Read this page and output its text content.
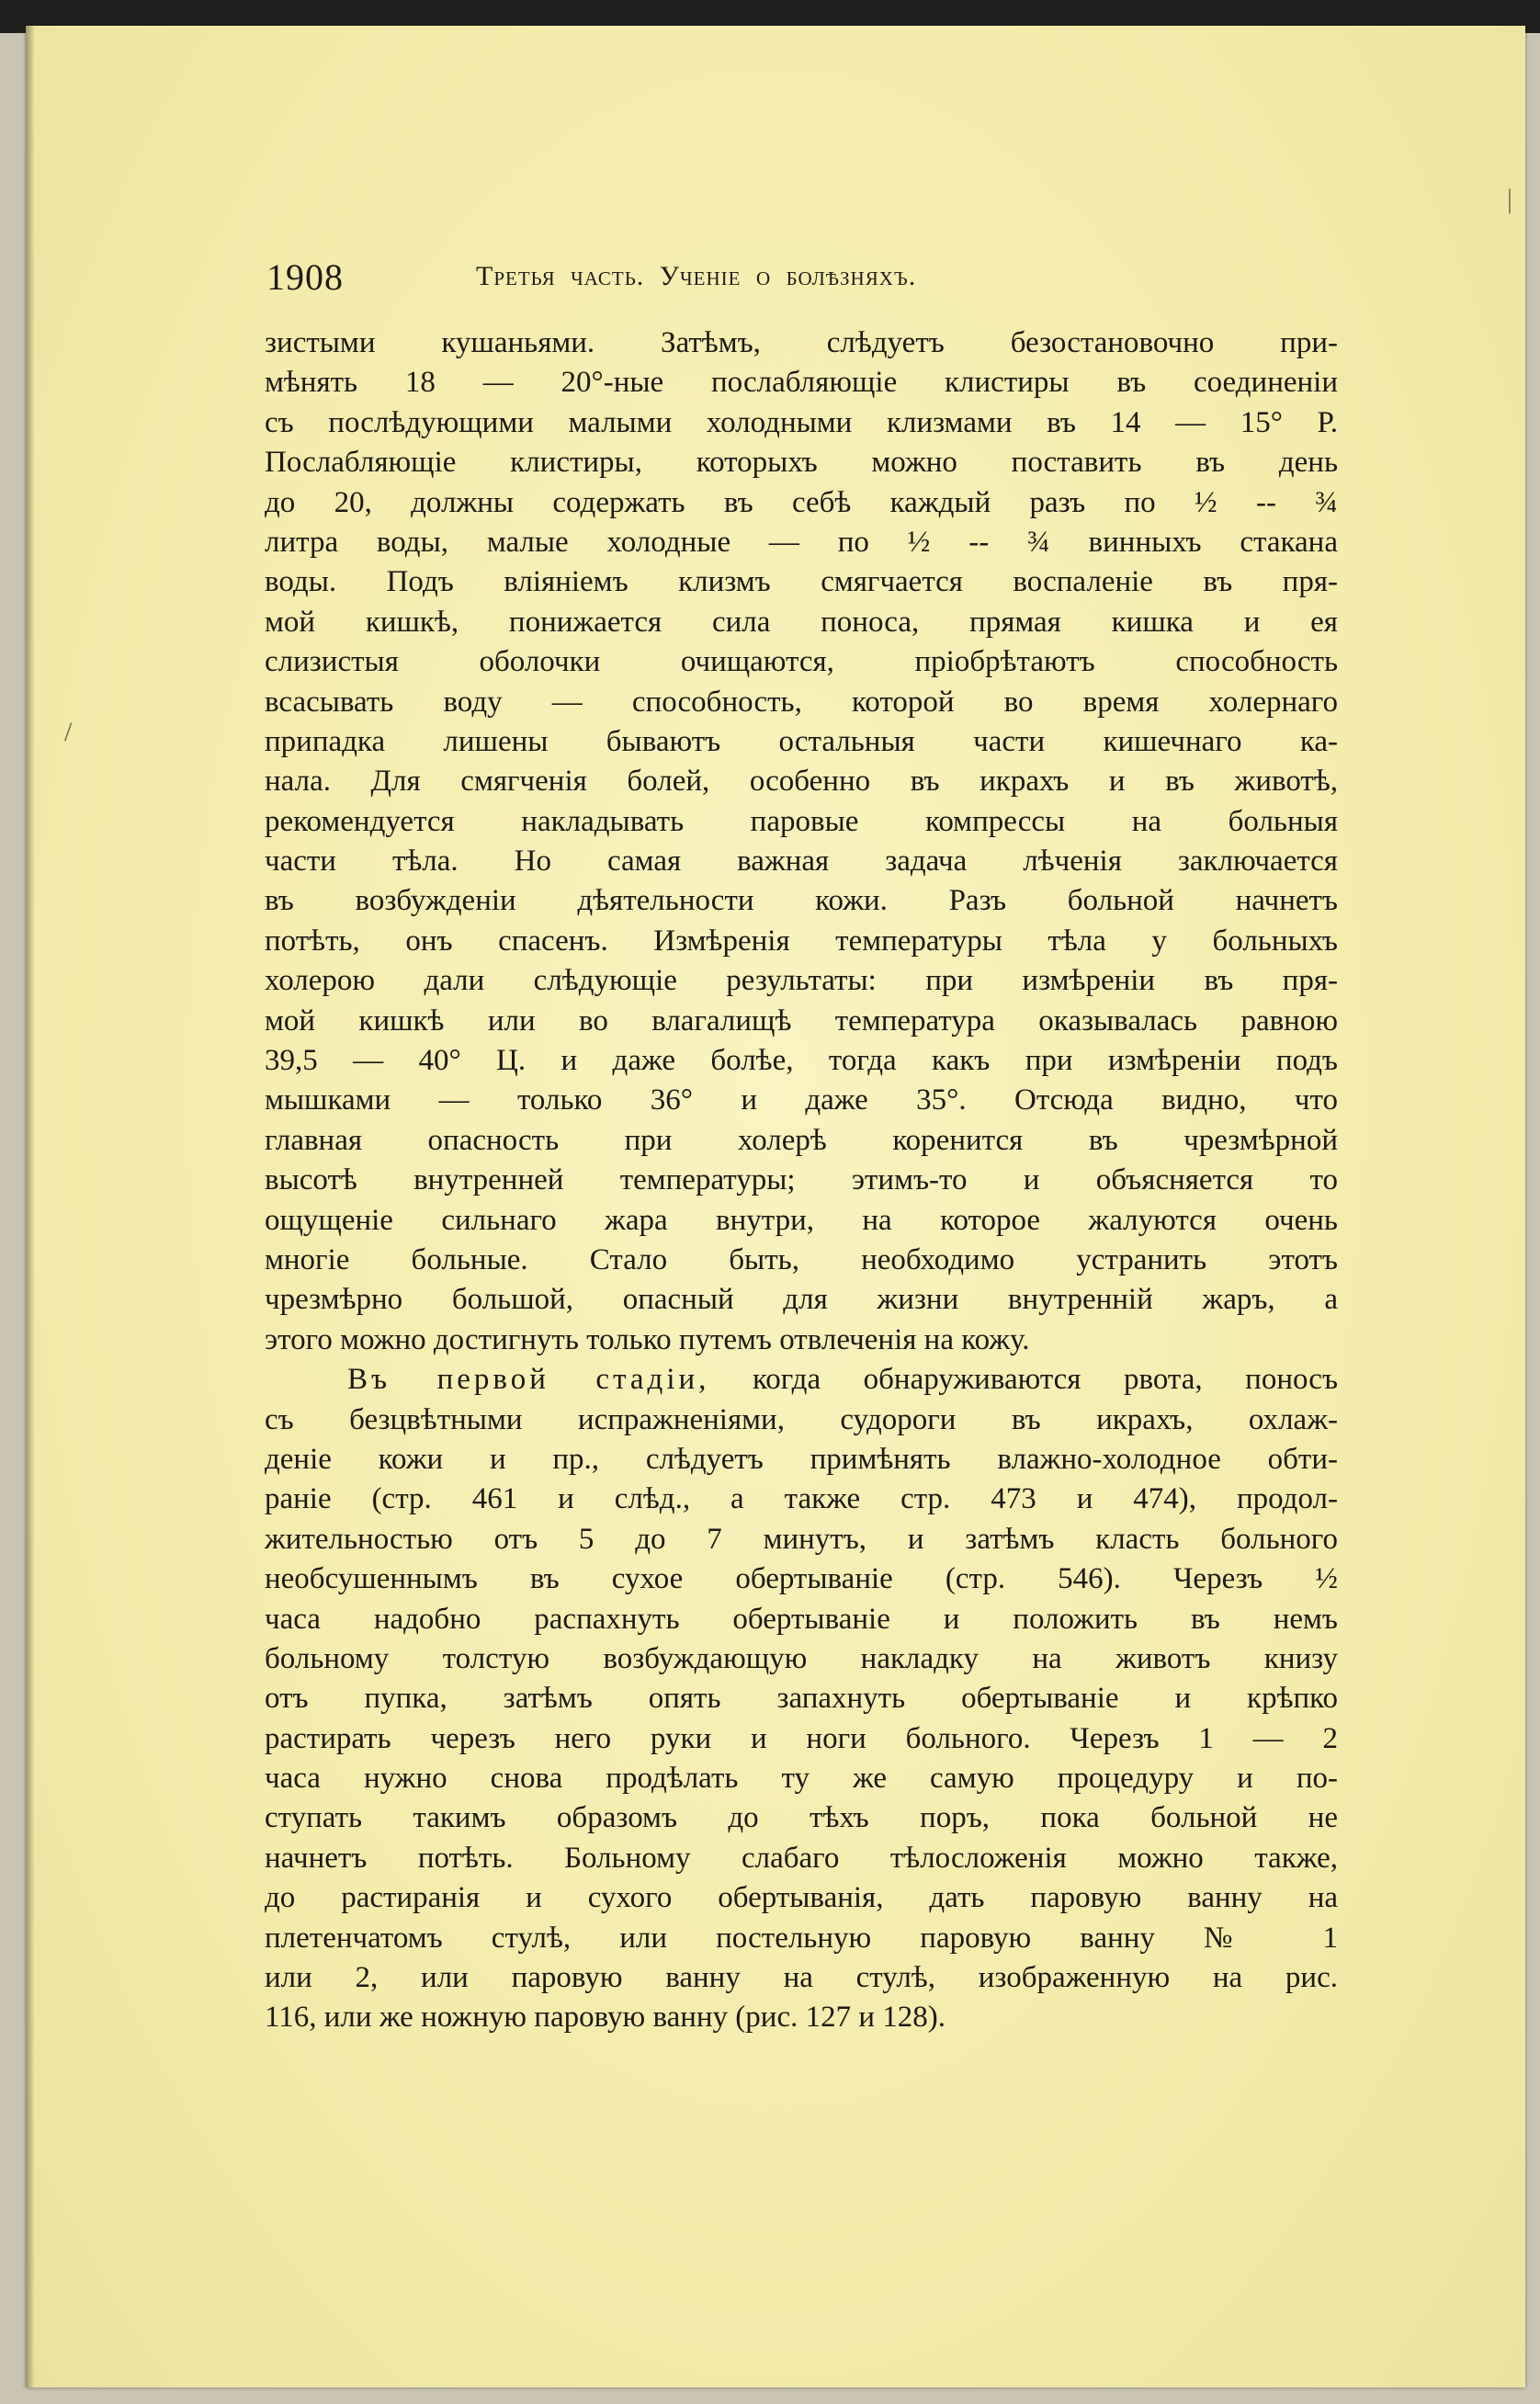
1908	Третья часть. Ученіе о болѣзняхъ.
зистыми кушаньями. Затѣмъ, слѣдуетъ безостановочно при-
мѣнять 18 — 20°-ные послабляющіе клистиры въ соединеніи
съ послѣдующими малыми холодными клизмами въ 14 — 15° Р.
Послабляющіе клистиры, которыхъ можно поставить въ день
до 20, должны содержать въ себѣ каждый разъ по ½ -- ¾
литра воды, малые холодные — по ½ -- ¾ винныхъ стакана
воды. Подъ вліяніемъ клизмъ смягчается воспаленіе въ пря-
мой кишкѣ, понижается сила поноса, прямая кишка и ея
слизистыя оболочки очищаются, пріобрѣтаютъ способность
всасывать воду — способность, которой во время холернаго
припадка лишены бываютъ остальныя части кишечнаго ка-
нала. Для смягченія болей, особенно въ икрахъ и въ животѣ,
рекомендуется накладывать паровые компрессы на больныя
части тѣла. Но самая важная задача лѣченія заключается
въ возбужденіи дѣятельности кожи. Разъ больной начнетъ
потѣть, онъ спасенъ. Измѣренія температуры тѣла у больныхъ
холерою дали слѣдующіе результаты: при измѣреніи въ пря-
мой кишкѣ или во влагалищѣ температура оказывалась равною
39,5 — 40° Ц. и даже болѣе, тогда какъ при измѣреніи подъ
мышками — только 36° и даже 35°. Отсюда видно, что
главная опасность при холерѣ коренится въ чрезмѣрной
высотѣ внутренней температуры; этимъ-то и объясняется то
ощущеніе сильнаго жара внутри, на которое жалуются очень
многіе больные. Стало быть, необходимо устранить этотъ
чрезмѣрно большой, опасный для жизни внутренній жаръ, а
этого можно достигнуть только путемъ отвлеченія на кожу.
Въ первой стадіи, когда обнаруживаются рвота, поносъ
съ безцвѣтными испражненіями, судороги въ икрахъ, охлаж-
деніе кожи и пр., слѣдуетъ примѣнять влажно-холодное обти-
раніе (стр. 461 и слѣд., а также стр. 473 и 474), продол-
жительностью отъ 5 до 7 минутъ, и затѣмъ класть больного
необсушеннымъ въ сухое обертываніе (стр. 546). Черезъ ½
часа надобно распахнуть обертываніе и положить въ немъ
больному толстую возбуждающую накладку на животъ книзу
отъ пупка, затѣмъ опять запахнуть обертываніе и крѣпко
растирать черезъ него руки и ноги больного. Черезъ 1 — 2
часа нужно снова продѣлать ту же самую процедуру и по-
ступать такимъ образомъ до тѣхъ поръ, пока больной не
начнетъ потѣть. Больному слабаго тѣлосложенія можно также,
до растиранія и сухого обертыванія, дать паровую ванну на
плетенчатомъ стулѣ, или постельную паровую ванну № 1
или 2, или паровую ванну на стулѣ, изображенную на рис.
116, или же ножную паровую ванну (рис. 127 и 128).
/
|
